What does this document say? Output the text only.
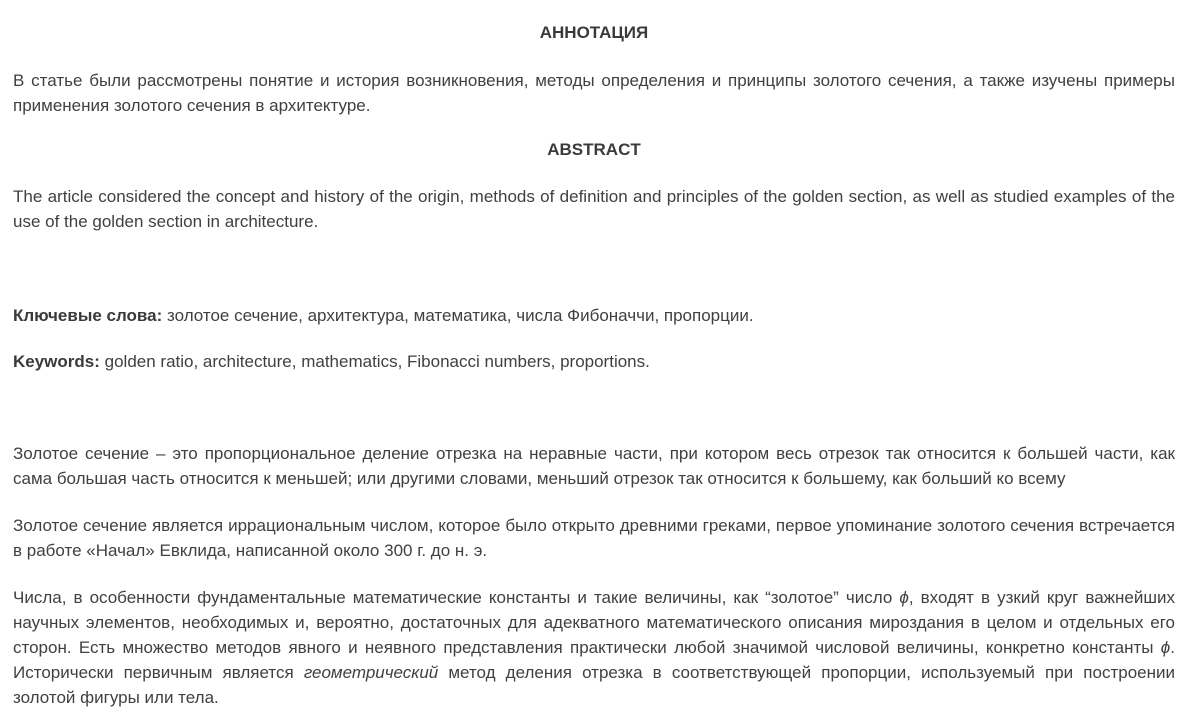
АННОТАЦИЯ

В статье были рассмотрены понятие и история возникновения, методы определения и принципы золотого сечения, а также изучены примеры применения золотого сечения в архитектуре.

ABSTRACT

The article considered the concept and history of the origin, methods of definition and principles of the golden section, as well as studied examples of the use of the golden section in architecture.

Ключевые слова: золотое сечение, архитектура, математика, числа Фибоначчи, пропорции.

Keywords: golden ratio, architecture, mathematics, Fibonacci numbers, proportions.

Золотое сечение – это пропорциональное деление отрезка на неравные части, при котором весь отрезок так относится к большей части, как сама большая часть относится к меньшей; или другими словами, меньший отрезок так относится к большему, как больший ко всему

Золотое сечение является иррациональным числом, которое было открыто древними греками, первое упоминание золотого сечения встречается в работе «Начал» Евклида, написанной около 300 г. до н. э.

Числа, в особенности фундаментальные математические константы и такие величины, как “золотое” число ϕ, входят в узкий круг важнейших научных элементов, необходимых и, вероятно, достаточных для адекватного математического описания мироздания в целом и отдельных его сторон. Есть множество методов явного и неявного представления практически любой значимой числовой величины, конкретно константы ϕ. Исторически первичным является геометрический метод деления отрезка в соответствующей пропорции, используемый при построении золотой фигуры или тела.
